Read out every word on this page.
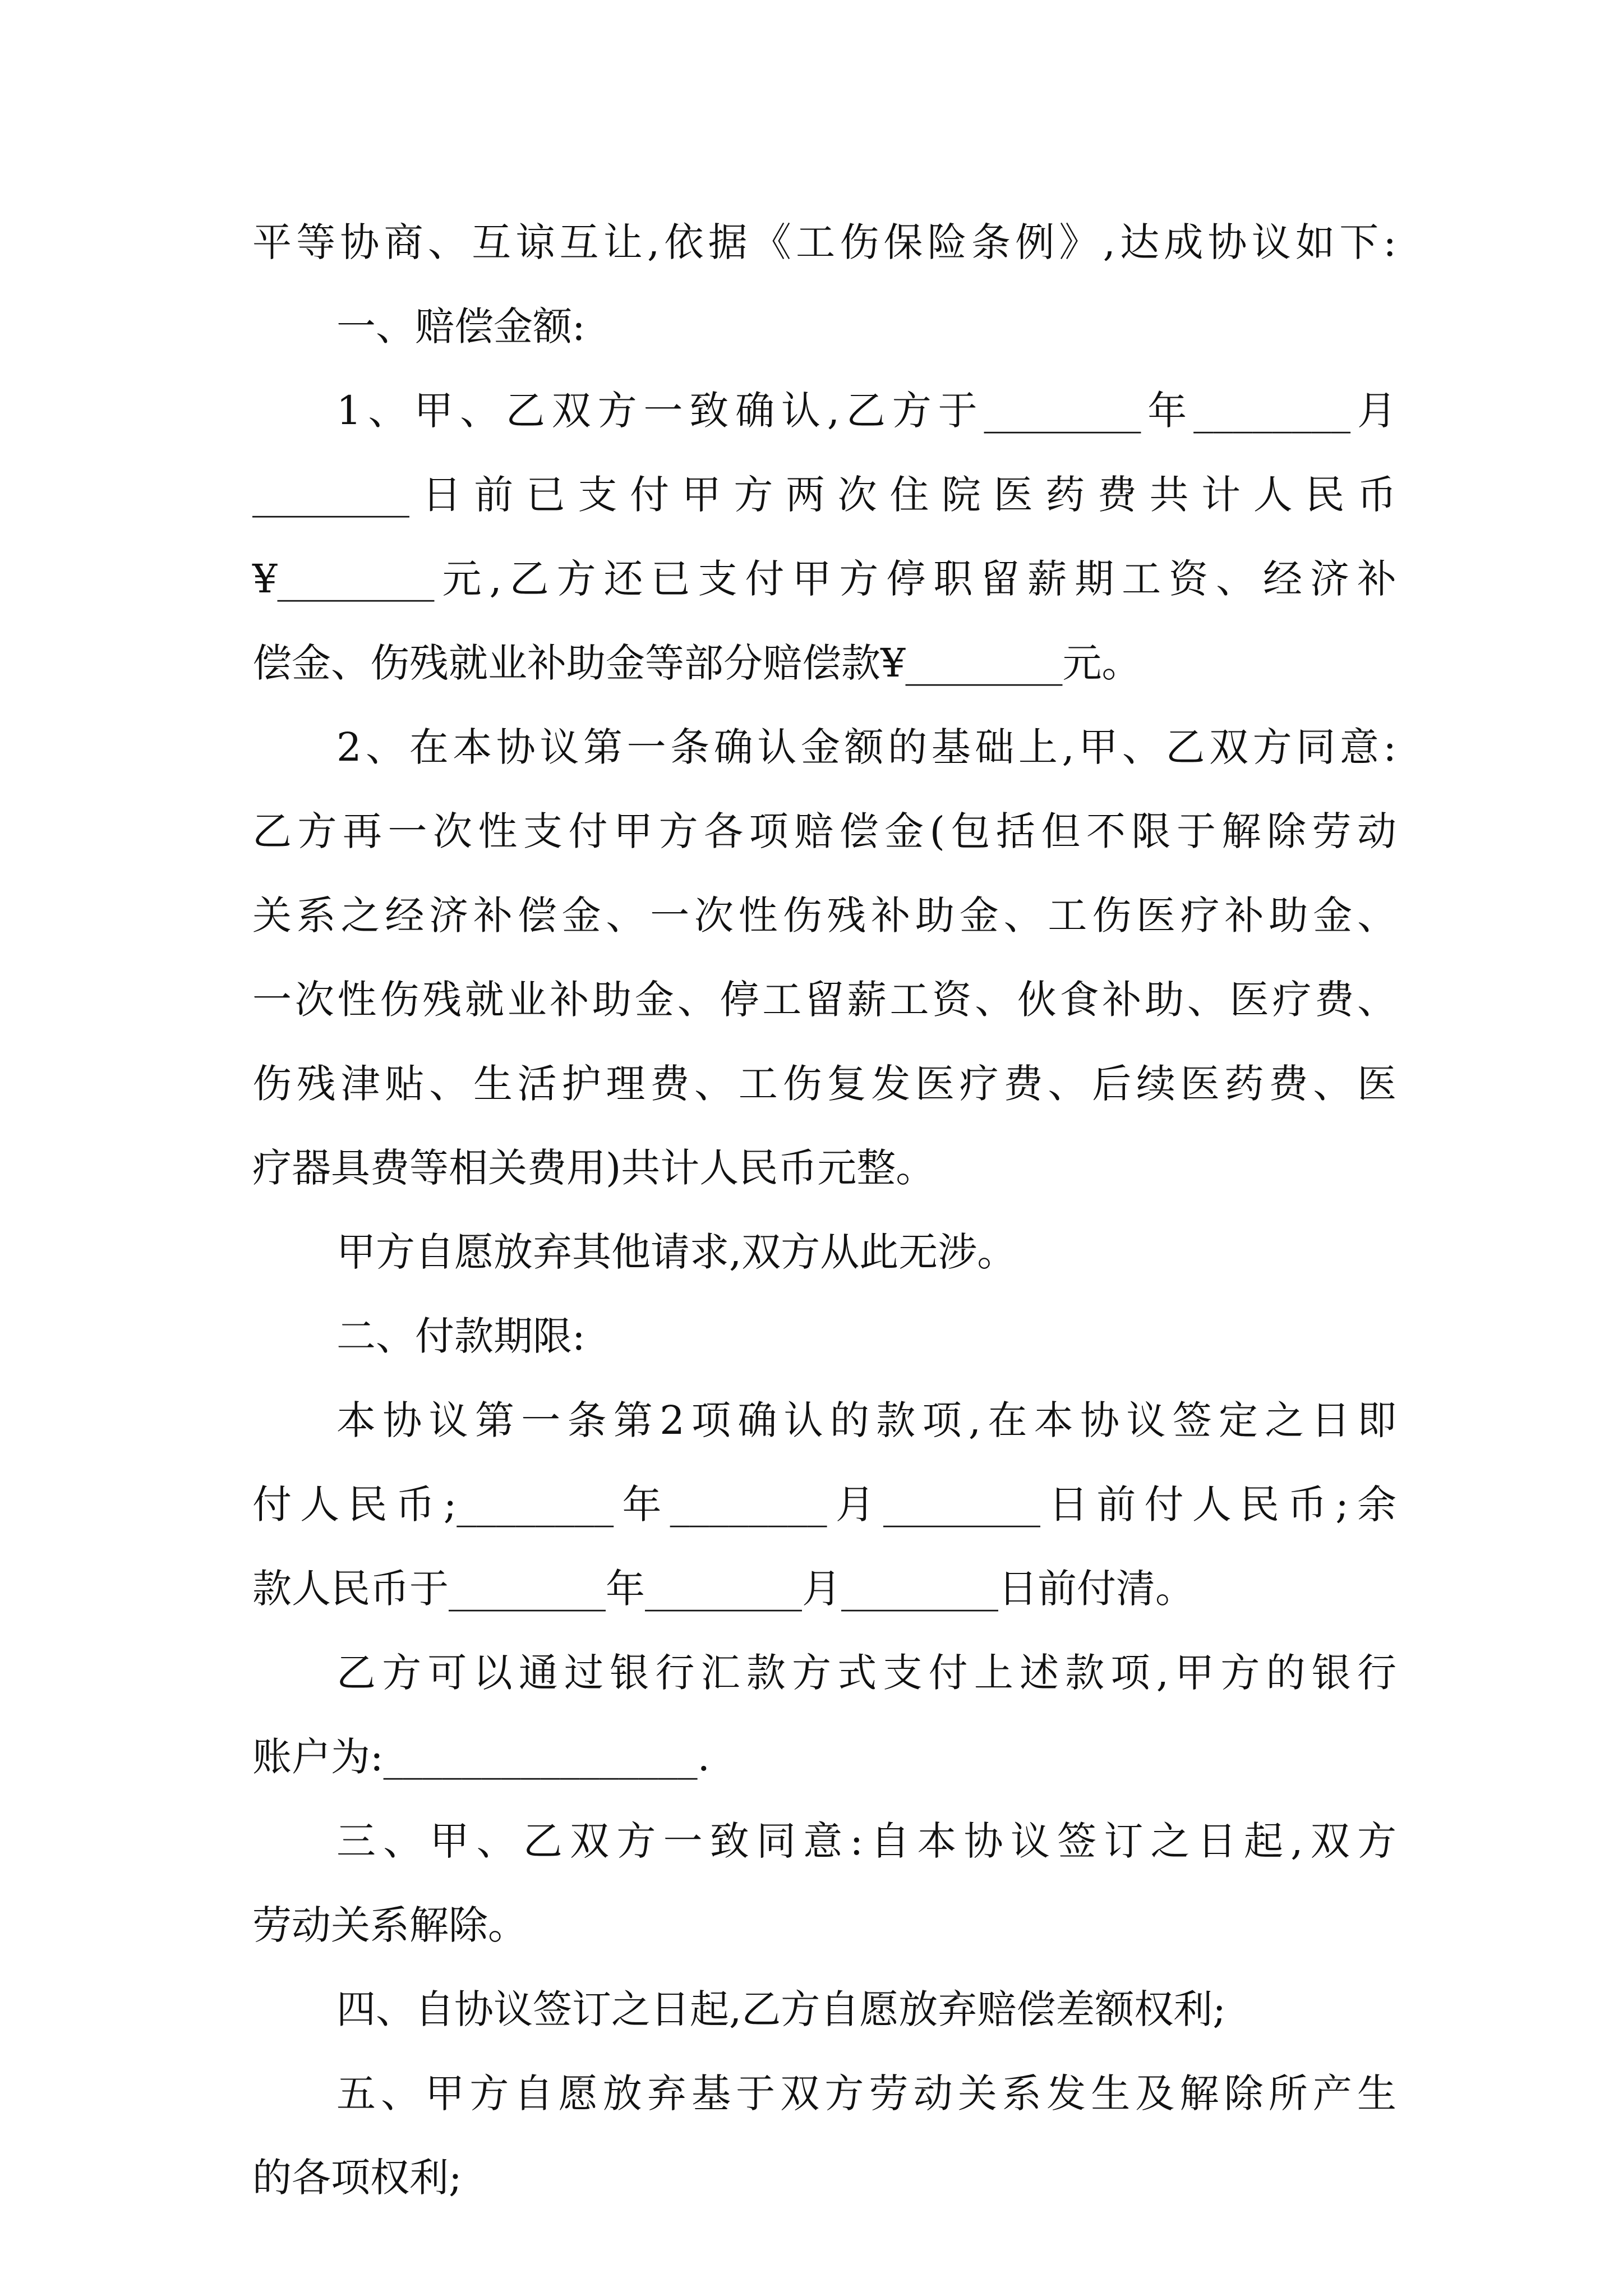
平等协商、互谅互让,依据《工伤保险条例》,达成协议如下:
一、赔偿金额:
1、甲、乙双方一致确认,乙方于________年________月
________日前已支付甲方两次住院医药费共计人民币
¥________元,乙方还已支付甲方停职留薪期工资、经济补
偿金、伤残就业补助金等部分赔偿款¥________元。
2、在本协议第一条确认金额的基础上,甲、乙双方同意:
乙方再一次性支付甲方各项赔偿金(包括但不限于解除劳动
关系之经济补偿金、一次性伤残补助金、工伤医疗补助金、
一次性伤残就业补助金、停工留薪工资、伙食补助、医疗费、
伤残津贴、生活护理费、工伤复发医疗费、后续医药费、医
疗器具费等相关费用)共计人民币元整。
甲方自愿放弃其他请求,双方从此无涉。
二、付款期限:
本协议第一条第2项确认的款项,在本协议签定之日即
付人民币;________年________月________日前付人民币;余
款人民币于________年________月________日前付清。
乙方可以通过银行汇款方式支付上述款项,甲方的银行
账户为:________________.
三、甲、乙双方一致同意:自本协议签订之日起,双方
劳动关系解除。
四、自协议签订之日起,乙方自愿放弃赔偿差额权利;
五、甲方自愿放弃基于双方劳动关系发生及解除所产生
的各项权利;
